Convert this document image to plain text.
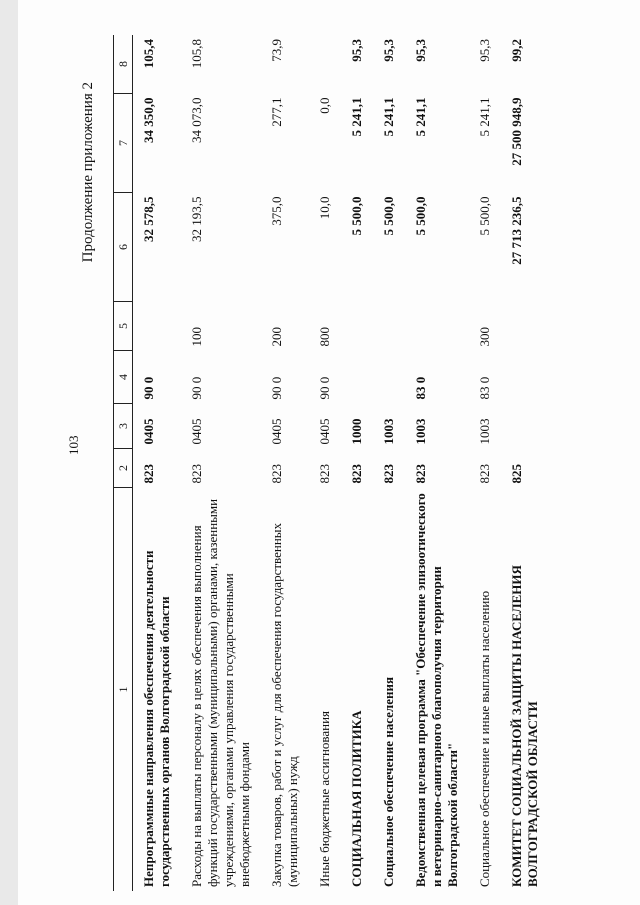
103
Продолжение приложения 2
1	2	3	4	5	6	7	8
Непрограммные направления обеспечения деятельности государственных органов Волгоградской области	823	0405	90 0		32 578,5	34 350,0	105,4
Расходы на выплаты персоналу в целях обеспечения выполнения функций государственными (муниципальными) органами, казенными учреждениями, органами управления государственными внебюджетными фондами	823	0405	90 0	100	32 193,5	34 073,0	105,8
Закупка товаров, работ и услуг для обеспечения государственных (муниципальных) нужд	823	0405	90 0	200	375,0	277,1	73,9
Иные бюджетные ассигнования	823	0405	90 0	800	10,0	0,0	
СОЦИАЛЬНАЯ ПОЛИТИКА	823	1000			5 500,0	5 241,1	95,3
Социальное обеспечение населения	823	1003			5 500,0	5 241,1	95,3
Ведомственная целевая программа "Обеспечение эпизоотического и ветеринарно-санитарного благополучия территории Волгоградской области"	823	1003	83 0		5 500,0	5 241,1	95,3
Социальное обеспечение и иные выплаты населению	823	1003	83 0	300	5 500,0	5 241,1	95,3
КОМИТЕТ СОЦИАЛЬНОЙ ЗАЩИТЫ НАСЕЛЕНИЯ ВОЛГОГРАДСКОЙ ОБЛАСТИ	825				27 713 236,5	27 500 948,9	99,2
